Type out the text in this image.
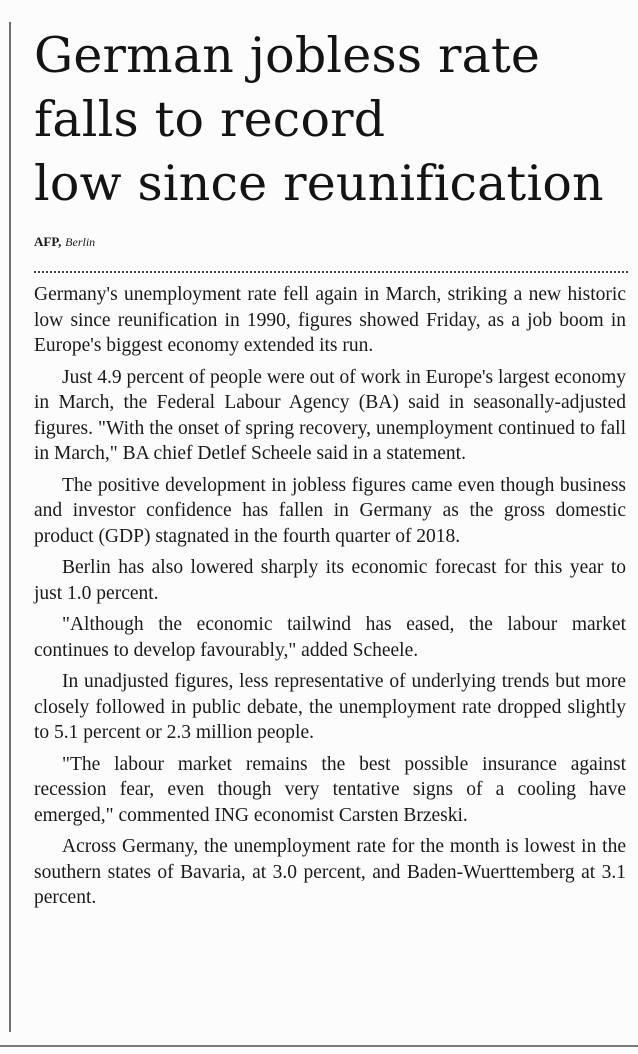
German jobless rate
falls to record
low since reunification
AFP, Berlin

Germany's unemployment rate fell again in March, striking a new historic low since reunification in 1990, figures showed Friday, as a job boom in Europe's biggest economy extended its run.

Just 4.9 percent of people were out of work in Europe's largest economy in March, the Federal Labour Agency (BA) said in seasonally-adjusted figures. "With the onset of spring recovery, unemployment continued to fall in March," BA chief Detlef Scheele said in a statement.

The positive development in jobless figures came even though business and investor confidence has fallen in Germany as the gross domestic product (GDP) stagnated in the fourth quarter of 2018.

Berlin has also lowered sharply its economic forecast for this year to just 1.0 percent.

"Although the economic tailwind has eased, the labour market continues to develop favourably," added Scheele.

In unadjusted figures, less representative of underlying trends but more closely followed in public debate, the unemployment rate dropped slightly to 5.1 percent or 2.3 million people.

"The labour market remains the best possible insurance against recession fear, even though very tentative signs of a cooling have emerged," commented ING economist Carsten Brzeski.

Across Germany, the unemployment rate for the month is lowest in the southern states of Bavaria, at 3.0 percent, and Baden-Wuerttemberg at 3.1 percent.
